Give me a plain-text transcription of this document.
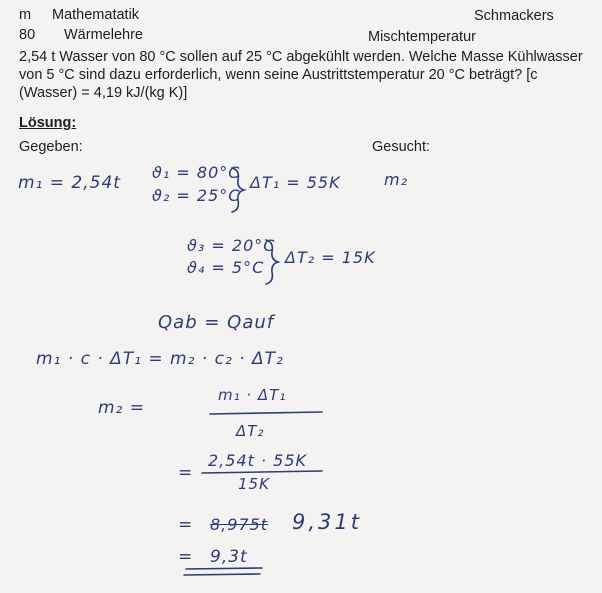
m Mathematatik	Schmackers
80 Wärmelehre	Mischtemperatur
2,54 t Wasser von 80 °C sollen auf 25 °C abgekühlt werden. Welche Masse Kühlwasser von 5 °C sind dazu erforderlich, wenn seine Austrittstemperatur 20 °C beträgt? [c (Wasser) = 4,19 kJ/(kg K)]
Lösung:
Gegeben:	Gesucht:
m₁ = 2,54t
ϑ₁ = 80°C
ϑ₂ = 25°C
ΔT₁ = 55K	m₂
ϑ₃ = 20°C
ϑ₄ = 5°C
ΔT₂ = 15K
Qab = Qauf
m₁ · c · ΔT₁ = m₂ · c₂ · ΔT₂
m₂ =
m₁ · ΔT₁
ΔT₂
=
2,54t · 55K
15K
= 8,975t 9,31t
= 9,3t
